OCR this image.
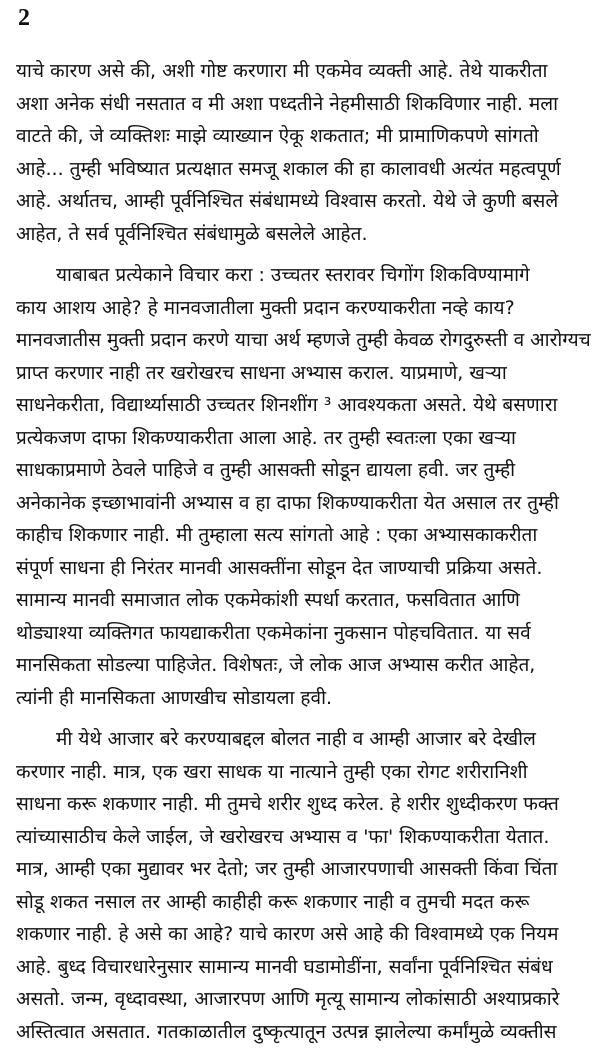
2

याचे कारण असे की, अशी गोष्ट करणारा मी एकमेव व्यक्ती आहे. तेथे याकरीता
अशा अनेक संधी नसतात व मी अशा पध्दतीने नेहमीसाठी शिकविणार नाही. मला
वाटते की, जे व्यक्तिशः माझे व्याख्यान ऐकू शकतात; मी प्रामाणिकपणे सांगतो
आहे... तुम्ही भविष्यात प्रत्यक्षात समजू शकाल की हा कालावधी अत्यंत महत्वपूर्ण
आहे. अर्थातच, आम्ही पूर्वनिश्चित संबंधामध्ये विश्वास करतो. येथे जे कुणी बसले
आहेत, ते सर्व पूर्वनिश्चित संबंधामुळे बसलेले आहेत.

याबाबत प्रत्येकाने विचार करा : उच्चतर स्तरावर चिगोंग शिकविण्यामागे
काय आशय आहे? हे मानवजातीला मुक्ती प्रदान करण्याकरीता नव्हे काय?
मानवजातीस मुक्ती प्रदान करणे याचा अर्थ म्हणजे तुम्ही केवळ रोगदुरुस्ती व आरोग्यच
प्राप्त करणार नाही तर खरोखरच साधना अभ्यास कराल. याप्रमाणे, खऱ्या
साधनेकरीता, विद्यार्थ्यासाठी उच्चतर शिनशींग ³ आवश्यकता असते. येथे बसणारा
प्रत्येकजण दाफा शिकण्याकरीता आला आहे. तर तुम्ही स्वतःला एका खऱ्या
साधकाप्रमाणे ठेवले पाहिजे व तुम्ही आसक्ती सोडून द्यायला हवी. जर तुम्ही
अनेकानेक इच्छाभावांनी अभ्यास व हा दाफा शिकण्याकरीता येत असाल तर तुम्ही
काहीच शिकणार नाही. मी तुम्हाला सत्य सांगतो आहे : एका अभ्यासकाकरीता
संपूर्ण साधना ही निरंतर मानवी आसक्तींना सोडून देत जाण्याची प्रक्रिया असते.
सामान्य मानवी समाजात लोक एकमेकांशी स्पर्धा करतात, फसवितात आणि
थोड्याश्या व्यक्तिगत फायद्याकरीता एकमेकांना नुकसान पोहचवितात. या सर्व
मानसिकता सोडल्या पाहिजेत. विशेषतः, जे लोक आज अभ्यास करीत आहेत,
त्यांनी ही मानसिकता आणखीच सोडायला हवी.

मी येथे आजार बरे करण्याबद्दल बोलत नाही व आम्ही आजार बरे देखील
करणार नाही. मात्र, एक खरा साधक या नात्याने तुम्ही एका रोगट शरीरानिशी
साधना करू शकणार नाही. मी तुमचे शरीर शुध्द करेल. हे शरीर शुध्दीकरण फक्त
त्यांच्यासाठीच केले जाईल, जे खरोखरच अभ्यास व 'फा' शिकण्याकरीता येतात.
मात्र, आम्ही एका मुद्यावर भर देतो; जर तुम्ही आजारपणाची आसक्ती किंवा चिंता
सोडू शकत नसाल तर आम्ही काहीही करू शकणार नाही व तुमची मदत करू
शकणार नाही. हे असे का आहे? याचे कारण असे आहे की विश्वामध्ये एक नियम
आहे. बुध्द विचारधारेनुसार सामान्य मानवी घडामोडींना, सर्वांना पूर्वनिश्चित संबंध
असतो. जन्म, वृध्दावस्था, आजारपण आणि मृत्यू सामान्य लोकांसाठी अश्याप्रकारे
अस्तित्वात असतात. गतकाळातील दुष्कृत्यातून उत्पन्न झालेल्या कर्मांमुळे व्यक्तीस
